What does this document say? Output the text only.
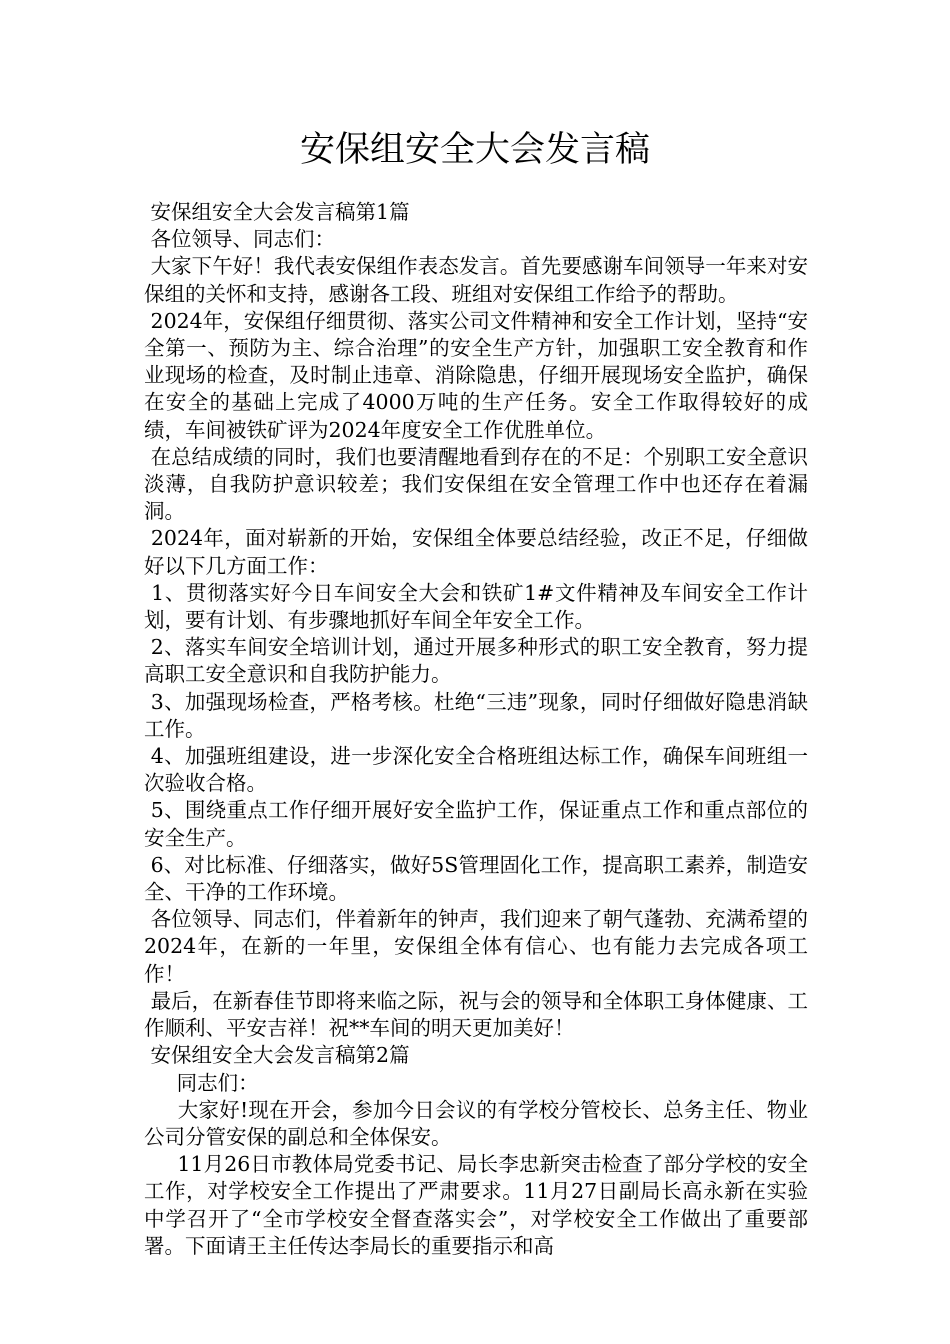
安保组安全大会发言稿

安保组安全大会发言稿第1篇

各位领导、同志们：

大家下午好！我代表安保组作表态发言。首先要感谢车间领导一年来对安保组的关怀和支持，感谢各工段、班组对安保组工作给予的帮助。

2024年，安保组仔细贯彻、落实公司文件精神和安全工作计划，坚持“安全第一、预防为主、综合治理”的安全生产方针，加强职工安全教育和作业现场的检查，及时制止违章、消除隐患，仔细开展现场安全监护，确保在安全的基础上完成了4000万吨的生产任务。安全工作取得较好的成绩，车间被铁矿评为2024年度安全工作优胜单位。

在总结成绩的同时，我们也要清醒地看到存在的不足：个别职工安全意识淡薄，自我防护意识较差；我们安保组在安全管理工作中也还存在着漏洞。

2024年，面对崭新的开始，安保组全体要总结经验，改正不足，仔细做好以下几方面工作：

1、贯彻落实好今日车间安全大会和铁矿1#文件精神及车间安全工作计划，要有计划、有步骤地抓好车间全年安全工作。

2、落实车间安全培训计划，通过开展多种形式的职工安全教育，努力提高职工安全意识和自我防护能力。

3、加强现场检查，严格考核。杜绝“三违”现象，同时仔细做好隐患消缺工作。

4、加强班组建设，进一步深化安全合格班组达标工作，确保车间班组一次验收合格。

5、围绕重点工作仔细开展好安全监护工作，保证重点工作和重点部位的安全生产。

6、对比标准、仔细落实，做好5S管理固化工作，提高职工素养，制造安全、干净的工作环境。

各位领导、同志们，伴着新年的钟声，我们迎来了朝气蓬勃、充满希望的2024年，在新的一年里，安保组全体有信心、也有能力去完成各项工作！

最后，在新春佳节即将来临之际，祝与会的领导和全体职工身体健康、工作顺利、平安吉祥！祝**车间的明天更加美好！

安保组安全大会发言稿第2篇

同志们：

大家好!现在开会，参加今日会议的有学校分管校长、总务主任、物业公司分管安保的副总和全体保安。

11月26日市教体局党委书记、局长李忠新突击检查了部分学校的安全工作，对学校安全工作提出了严肃要求。11月27日副局长高永新在实验中学召开了“全市学校安全督查落实会”，对学校安全工作做出了重要部署。下面请王主任传达李局长的重要指示和高
